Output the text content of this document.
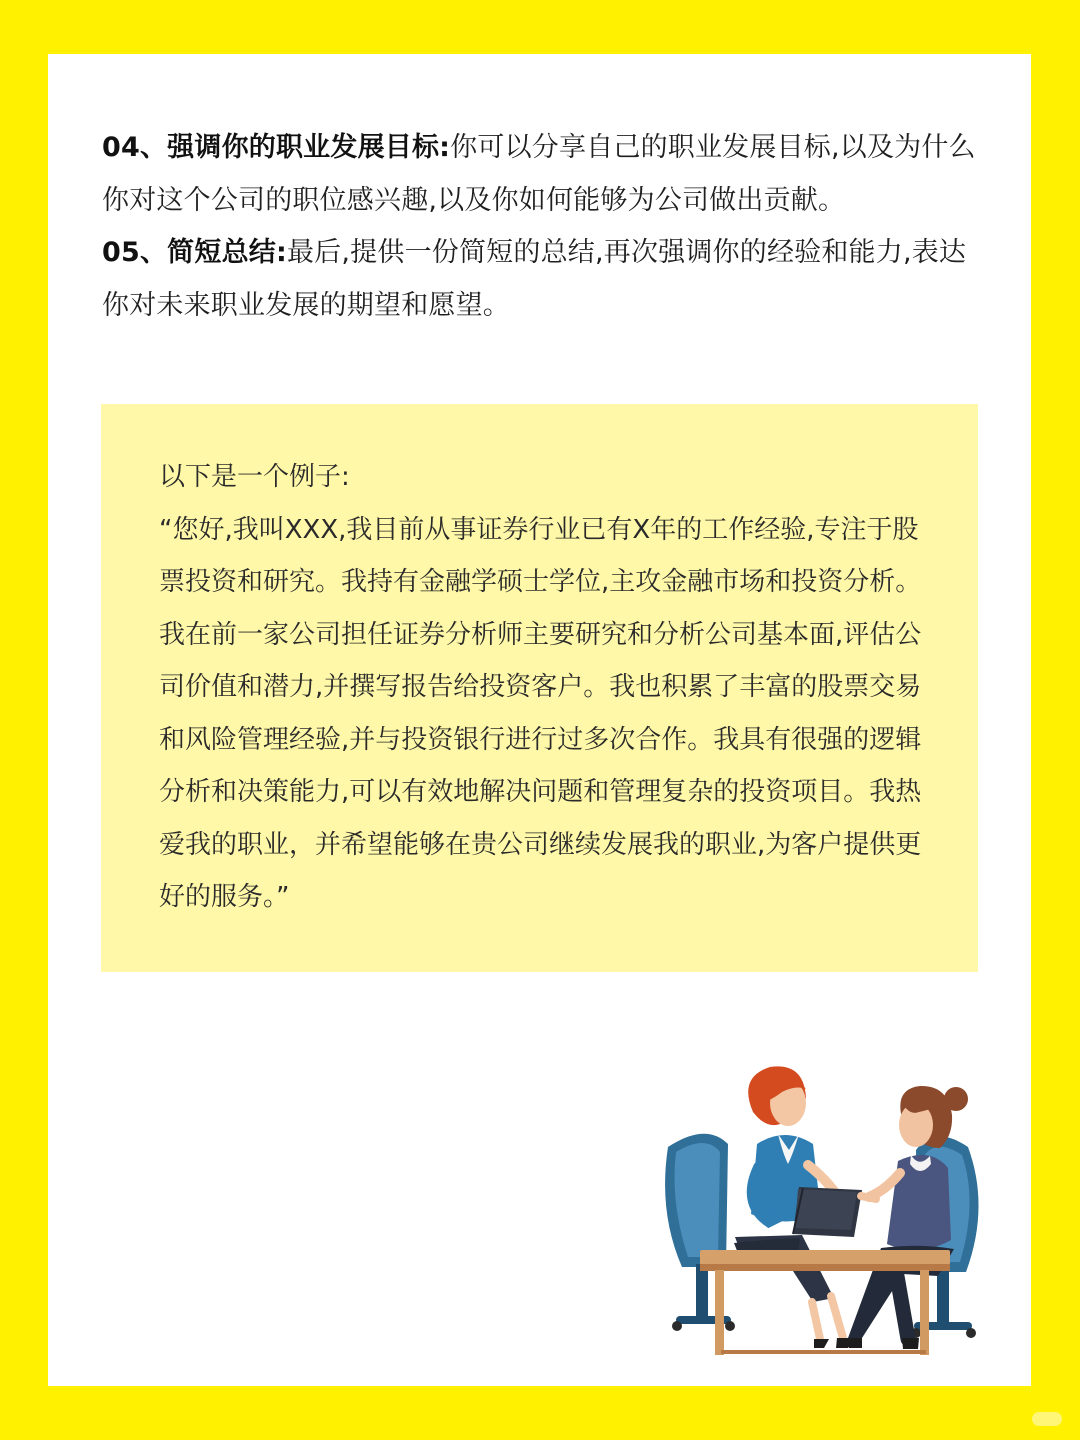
04、强调你的职业发展目标:你可以分享自己的职业发展目标,以及为什么你对这个公司的职位感兴趣,以及你如何能够为公司做出贡献。

05、简短总结:最后,提供一份简短的总结,再次强调你的经验和能力,表达你对未来职业发展的期望和愿望。

以下是一个例子:

“您好,我叫XXX,我目前从事证券行业已有X年的工作经验,专注于股票投资和研究。我持有金融学硕士学位,主攻金融市场和投资分析。我在前一家公司担任证券分析师主要研究和分析公司基本面,评估公司价值和潜力,并撰写报告给投资客户。我也积累了丰富的股票交易和风险管理经验,并与投资银行进行过多次合作。我具有很强的逻辑分析和决策能力,可以有效地解决问题和管理复杂的投资项目。我热爱我的职业，并希望能够在贵公司继续发展我的职业,为客户提供更好的服务。”
